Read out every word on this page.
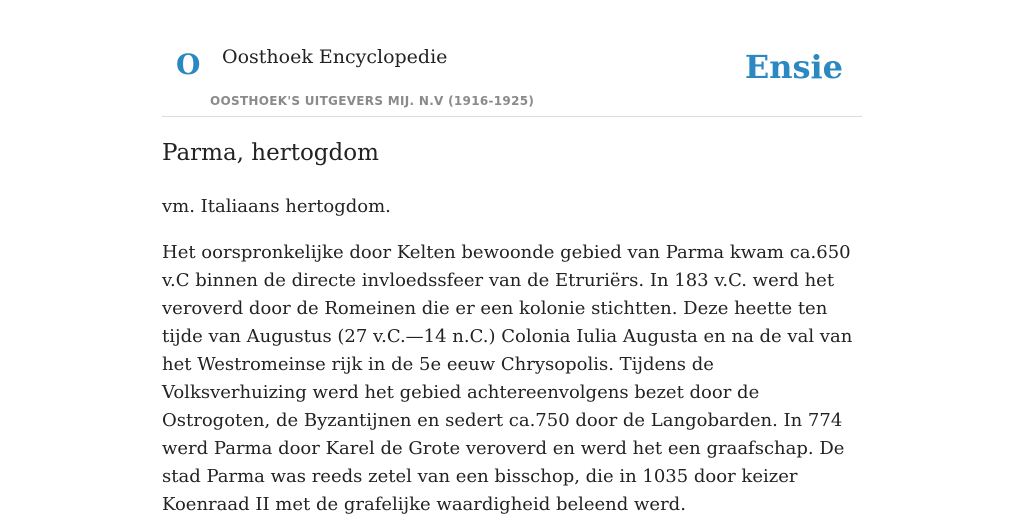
O Oosthoek Encyclopedie
OOSTHOEK'S UITGEVERS MIJ. N.V (1916-1925)
Ensie
Parma, hertogdom

vm. Italiaans hertogdom.

Het oorspronkelijke door Kelten bewoonde gebied van Parma kwam ca.650 v.C binnen de directe invloedssfeer van de Etruriërs. In 183 v.C. werd het veroverd door de Romeinen die er een kolonie stichtten. Deze heette ten tijde van Augustus (27 v.C.—14 n.C.) Colonia Iulia Augusta en na de val van het Westromeinse rijk in de 5e eeuw Chrysopolis. Tijdens de Volksverhuizing werd het gebied achtereenvolgens bezet door de Ostrogoten, de Byzantijnen en sedert ca.750 door de Langobarden. In 774 werd Parma door Karel de Grote veroverd en werd het een graafschap. De stad Parma was reeds zetel van een bisschop, die in 1035 door keizer Koenraad II met de grafelijke waardigheid beleend werd.
